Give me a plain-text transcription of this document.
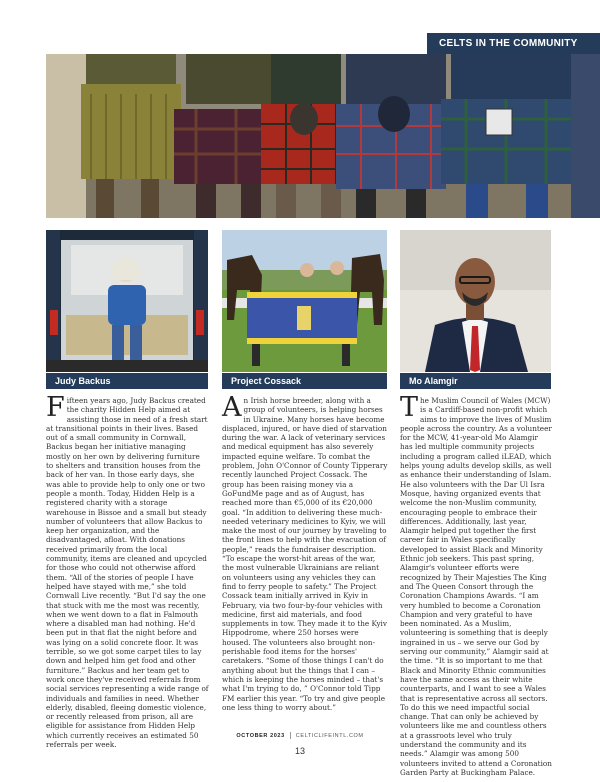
CELTS IN THE COMMUNITY
Judy Backus	Project Cossack	Mo Alamgir

Fifteen years ago, Judy Backus created the charity Hidden Help aimed at assisting those in need of a fresh start at transitional points in their lives. Based out of a small community in Cornwall, Backus began her initiative managing mostly on her own by delivering furniture to shelters and transition houses from the back of her van. In those early days, she was able to provide help to only one or two people a month. Today, Hidden Help is a registered charity with a storage warehouse in Bissoe and a small but steady number of volunteers that allow Backus to keep her organization, and the disadvantaged, afloat. With donations received primarily from the local community, items are cleaned and upcycled for those who could not otherwise afford them. “All of the stories of people I have helped have stayed with me,” she told Cornwall Live recently. “But I'd say the one that stuck with me the most was recently, when we went down to a flat in Falmouth where a disabled man had nothing. He'd been put in that flat the night before and was lying on a solid concrete floor. It was terrible, so we got some carpet tiles to lay down and helped him get food and other furniture.” Backus and her team get to work once they've received referrals from social services representing a wide range of individuals and families in need. Whether elderly, disabled, fleeing domestic violence, or recently released from prison, all are eligible for assistance from Hidden Help which currently receives an estimated 50 referrals per week.

An Irish horse breeder, along with a group of volunteers, is helping horses in Ukraine. Many horses have become displaced, injured, or have died of starvation during the war. A lack of veterinary services and medical equipment has also severely impacted equine welfare. To combat the problem, John O'Connor of County Tipperary recently launched Project Cossack. The group has been raising money via a GoFundMe page and as of August, has reached more than €5,000 of its €20,000 goal. “In addition to delivering these much-needed veterinary medicines to Kyiv, we will make the most of our journey by traveling to the front lines to help with the evacuation of people,” reads the fundraiser description. “To escape the worst-hit areas of the war, the most vulnerable Ukrainians are reliant on volunteers using any vehicles they can find to ferry people to safety.” The Project Cossack team initially arrived in Kyiv in February, via two four-by-four vehicles with medicine, first aid materials, and food supplements in tow. They made it to the Kyiv Hippodrome, where 250 horses were housed. The volunteers also brought non-perishable food items for the horses' caretakers. “Some of those things I can't do anything about but the things that I can – which is keeping the horses minded – that's what I'm trying to do, ” O'Connor told Tipp FM earlier this year. “To try and give people one less thing to worry about.”

The Muslim Council of Wales (MCW) is a Cardiff-based non-profit which aims to improve the lives of Muslim people across the country. As a volunteer for the MCW, 41-year-old Mo Alamgir has led multiple community projects including a program called iLEAD, which helps young adults develop skills, as well as enhance their understanding of Islam. He also volunteers with the Dar Ul Isra Mosque, having organized events that welcome the non-Muslim community, encouraging people to embrace their differences. Additionally, last year, Alamgir helped put together the first career fair in Wales specifically developed to assist Black and Minority Ethnic job seekers. This past spring, Alamgir's volunteer efforts were recognized by Their Majesties The King and The Queen Consort through the Coronation Champions Awards. “I am very humbled to become a Coronation Champion and very grateful to have been nominated. As a Muslim, volunteering is something that is deeply ingrained in us – we serve our God by serving our community,” Alamgir said at the time. “It is so important to me that Black and Minority Ethnic communities have the same access as their white counterparts, and I want to see a Wales that is representative across all sectors. To do this we need impactful social change. That can only be achieved by volunteers like me and countless others at a grassroots level who truly understand the community and its needs.” Alamgir was among 500 volunteers invited to attend a Coronation Garden Party at Buckingham Palace.

OCTOBER 2023 CELTICLIFEINTL.COM
13
